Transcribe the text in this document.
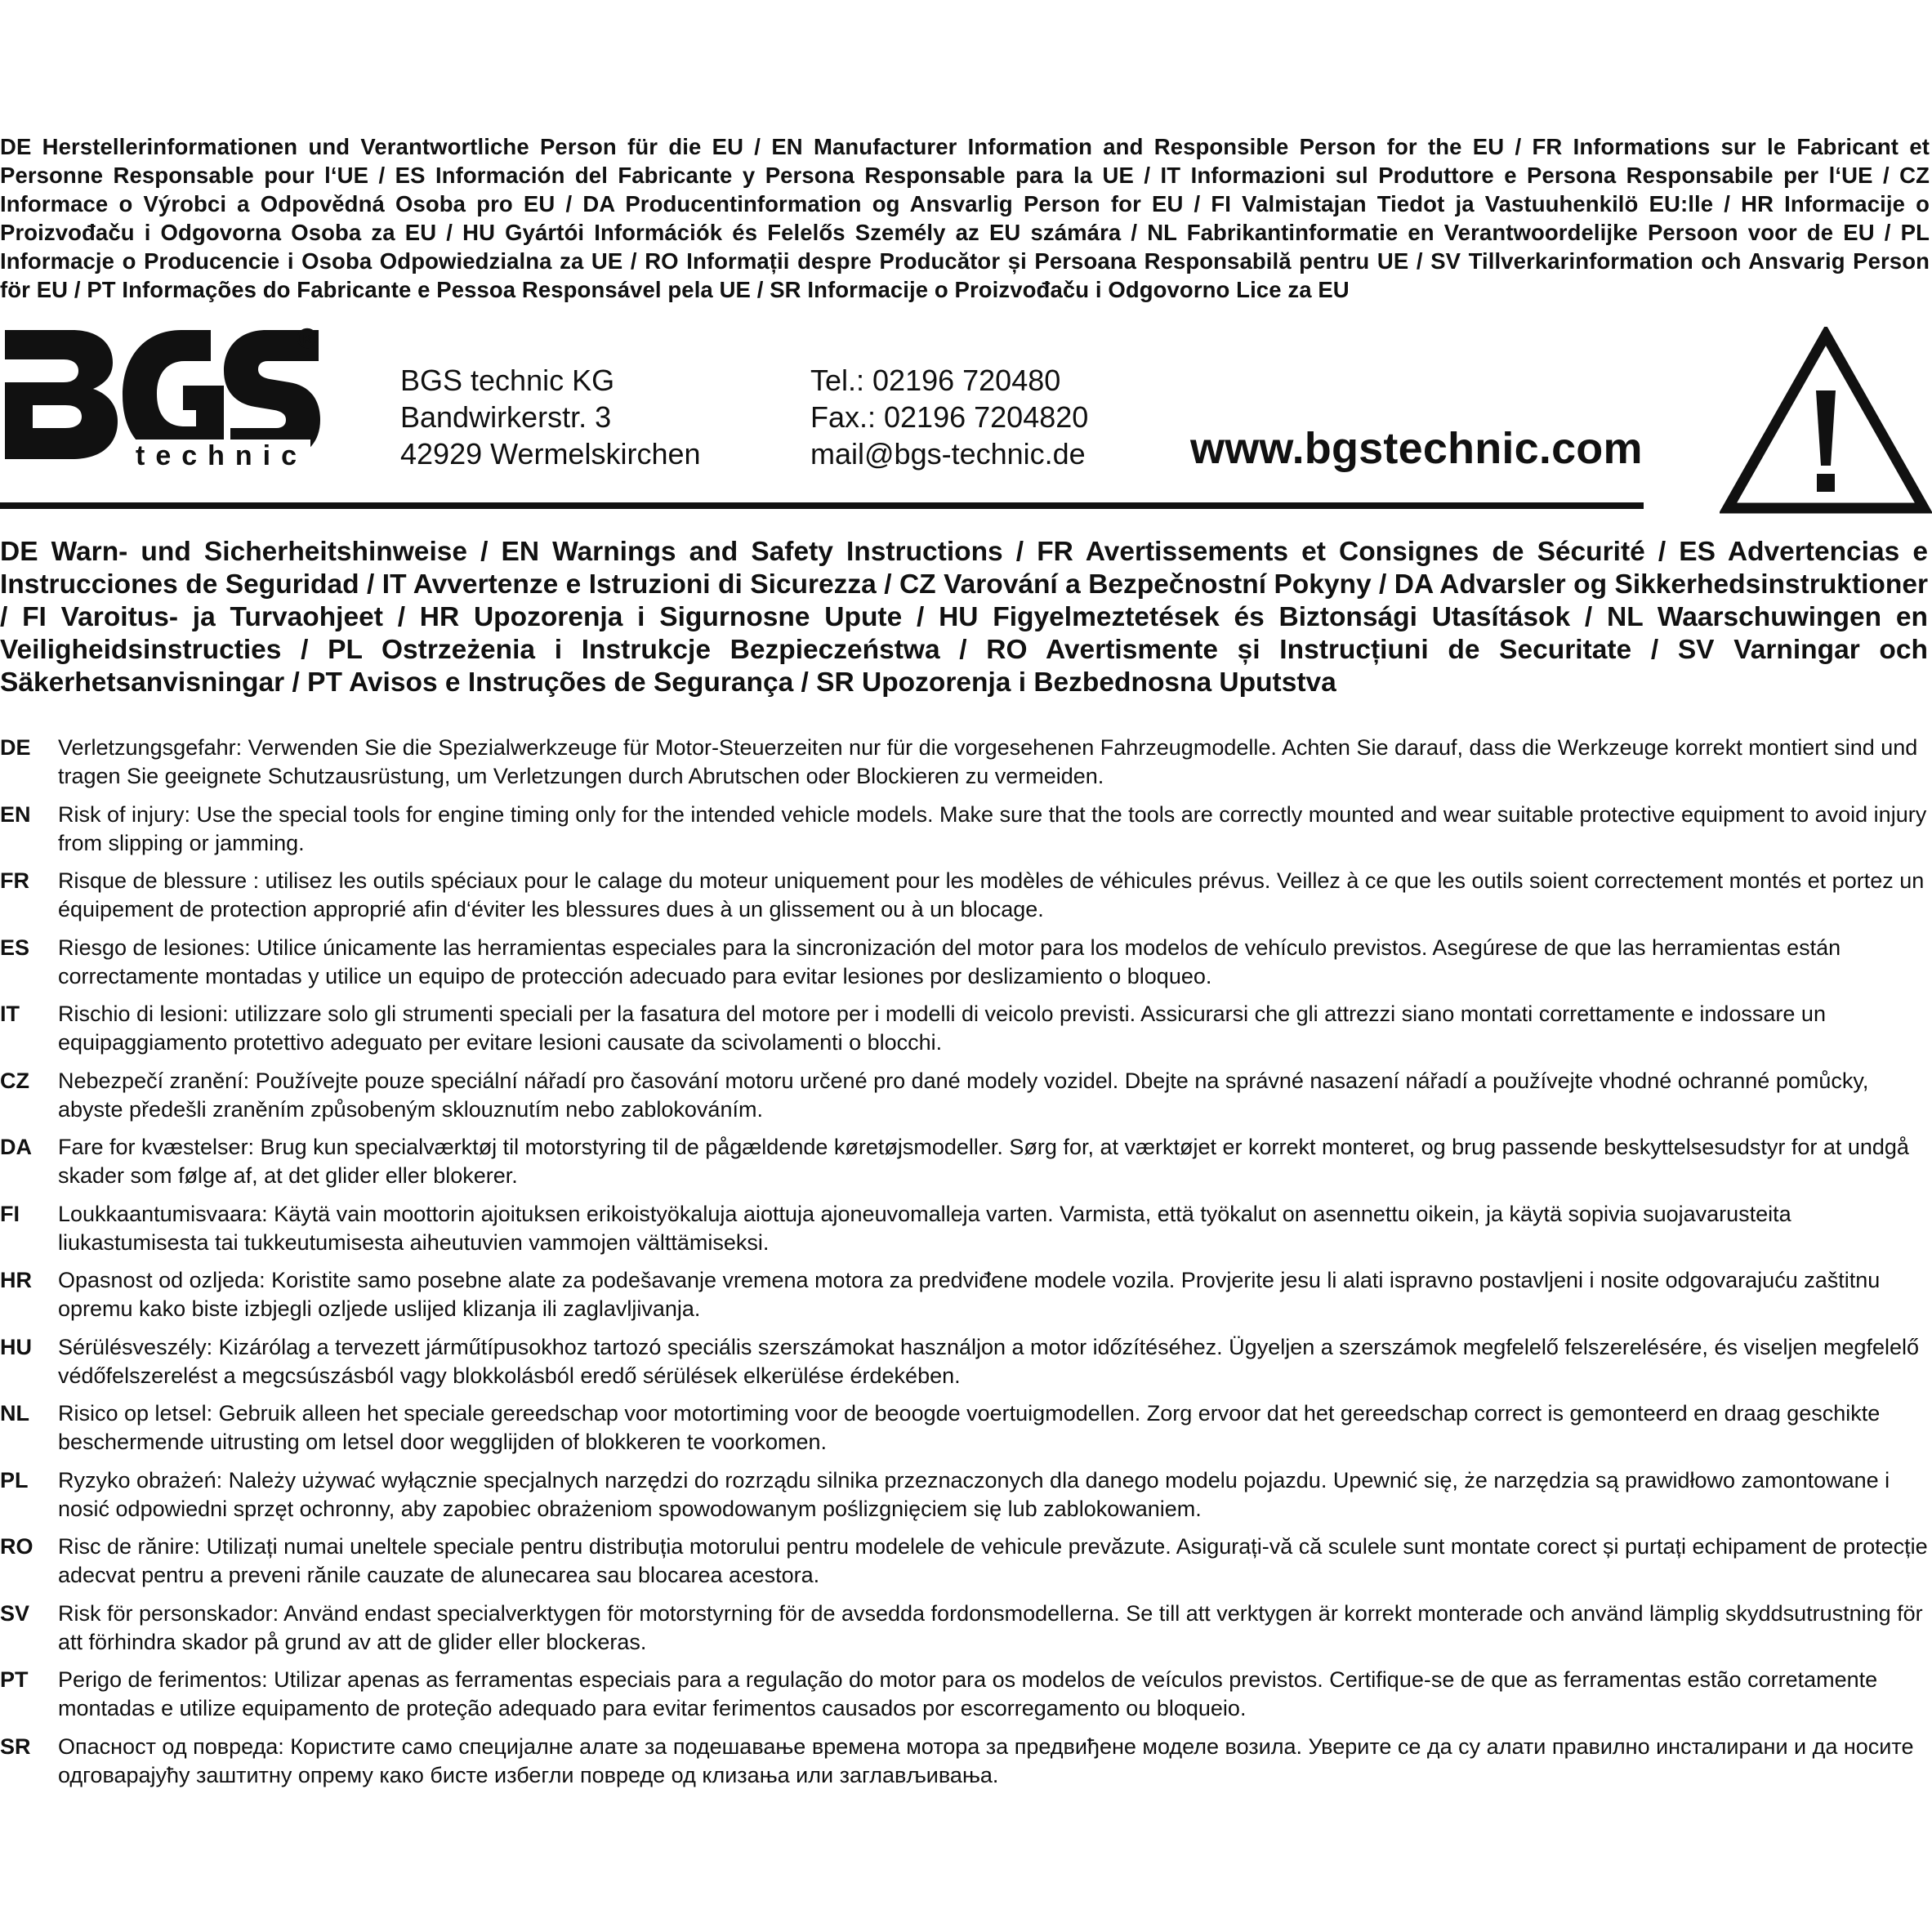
DE Herstellerinformationen und Verantwortliche Person für die EU / EN Manufacturer Information and Responsible Person for the EU / FR Informations sur le Fabricant et Personne Responsable pour l‘UE / ES Información del Fabricante y Persona Responsable para la UE / IT Informazioni sul Produttore e Persona Responsabile per l‘UE / CZ Informace o Výrobci a Odpovědná Osoba pro EU / DA Producentinformation og Ansvarlig Person for EU / FI Valmistajan Tiedot ja Vastuuhenkilö EU:lle / HR Informacije o Proizvođaču i Odgovorna Osoba za EU / HU Gyártói Információk és Felelős Személy az EU számára / NL Fabrikantinformatie en Verantwoordelijke Persoon voor de EU / PL Informacje o Producencie i Osoba Odpowiedzialna za UE / RO Informații despre Producător și Persoana Responsabilă pentru UE / SV Tillverkarinformation och Ansvarig Person för EU / PT Informações do Fabricante e Pessoa Responsável pela UE / SR Informacije o Proizvođaču i Odgovorno Lice za EU

R
technic
BGS technic KG
Bandwirkerstr. 3
42929 Wermelskirchen
Tel.: 02196 720480
Fax.: 02196 7204820
mail@bgs-technic.de www.bgstechnic.com

DE Warn- und Sicherheitshinweise / EN Warnings and Safety Instructions / FR Avertissements et Consignes de Sécurité / ES Advertencias e Instrucciones de Seguridad / IT Avvertenze e Istruzioni di Sicurezza / CZ Varování a Bezpečnostní Pokyny / DA Advarsler og Sikkerhedsinstruktioner / FI Varoitus- ja Turvaohjeet / HR Upozorenja i Sigurnosne Upute / HU Figyelmeztetések és Biztonsági Utasítások / NL Waarschuwingen en Veiligheidsinstructies / PL Ostrzeżenia i Instrukcje Bezpieczeństwa / RO Avertismente și Instrucțiuni de Securitate / SV Varningar och Säkerhetsanvisningar / PT Avisos e Instruções de Segurança / SR Upozorenja i Bezbednosna Uputstva

DE Verletzungsgefahr: Verwenden Sie die Spezialwerkzeuge für Motor-Steuerzeiten nur für die vorgesehenen Fahrzeugmodelle. Achten Sie darauf, dass die Werkzeuge korrekt montiert sind und tragen Sie geeignete Schutzausrüstung, um Verletzungen durch Abrutschen oder Blockieren zu vermeiden.

EN Risk of injury: Use the special tools for engine timing only for the intended vehicle models. Make sure that the tools are correctly mounted and wear suitable protective equipment to avoid injury from slipping or jamming.

FR Risque de blessure : utilisez les outils spéciaux pour le calage du moteur uniquement pour les modèles de véhicules prévus. Veillez à ce que les outils soient correctement montés et portez un équipement de protection approprié afin d‘éviter les blessures dues à un glissement ou à un blocage.

ES Riesgo de lesiones: Utilice únicamente las herramientas especiales para la sincronización del motor para los modelos de vehículo previstos. Asegúrese de que las herramientas están correctamente montadas y utilice un equipo de protección adecuado para evitar lesiones por deslizamiento o bloqueo.

IT Rischio di lesioni: utilizzare solo gli strumenti speciali per la fasatura del motore per i modelli di veicolo previsti. Assicurarsi che gli attrezzi siano montati correttamente e indossare un equipaggiamento protettivo adeguato per evitare lesioni causate da scivolamenti o blocchi.

CZ Nebezpečí zranění: Používejte pouze speciální nářadí pro časování motoru určené pro dané modely vozidel. Dbejte na správné nasazení nářadí a používejte vhodné ochranné pomůcky, abyste předešli zraněním způsobeným sklouznutím nebo zablokováním.

DA Fare for kvæstelser: Brug kun specialværktøj til motorstyring til de pågældende køretøjsmodeller. Sørg for, at værktøjet er korrekt monteret, og brug passende beskyttelsesudstyr for at undgå skader som følge af, at det glider eller blokerer.

FI Loukkaantumisvaara: Käytä vain moottorin ajoituksen erikoistyökaluja aiottuja ajoneuvomalleja varten. Varmista, että työkalut on asennettu oikein, ja käytä sopivia suojavarusteita liukastumisesta tai tukkeutumisesta aiheutuvien vammojen välttämiseksi.

HR Opasnost od ozljeda: Koristite samo posebne alate za podešavanje vremena motora za predviđene modele vozila. Provjerite jesu li alati ispravno postavljeni i nosite odgovarajuću zaštitnu opremu kako biste izbjegli ozljede uslijed klizanja ili zaglavljivanja.

HU Sérülésveszély: Kizárólag a tervezett járműtípusokhoz tartozó speciális szerszámokat használjon a motor időzítéséhez. Ügyeljen a szerszámok megfelelő felszerelésére, és viseljen megfelelő védőfelszerelést a megcsúszásból vagy blokkolásból eredő sérülések elkerülése érdekében.

NL Risico op letsel: Gebruik alleen het speciale gereedschap voor motortiming voor de beoogde voertuigmodellen. Zorg ervoor dat het gereedschap correct is gemonteerd en draag geschikte beschermende uitrusting om letsel door wegglijden of blokkeren te voorkomen.

PL Ryzyko obrażeń: Należy używać wyłącznie specjalnych narzędzi do rozrządu silnika przeznaczonych dla danego modelu pojazdu. Upewnić się, że narzędzia są prawidłowo zamontowane i nosić odpowiedni sprzęt ochronny, aby zapobiec obrażeniom spowodowanym poślizgnięciem się lub zablokowaniem.

RO Risc de rănire: Utilizați numai uneltele speciale pentru distribuția motorului pentru modelele de vehicule prevăzute. Asigurați-vă că sculele sunt montate corect și purtați echipament de protecție adecvat pentru a preveni rănile cauzate de alunecarea sau blocarea acestora.

SV Risk för personskador: Använd endast specialverktygen för motorstyrning för de avsedda fordonsmodellerna. Se till att verktygen är korrekt monterade och använd lämplig skyddsutrustning för att förhindra skador på grund av att de glider eller blockeras.

PT Perigo de ferimentos: Utilizar apenas as ferramentas especiais para a regulação do motor para os modelos de veículos previstos. Certifique-se de que as ferramentas estão corretamente montadas e utilize equipamento de proteção adequado para evitar ferimentos causados por escorregamento ou bloqueio.

SR Опасност од повреда: Користите само специјалне алате за подешавање времена мотора за предвиђене моделе возила. Уверите се да су алати правилно инсталирани и да носите одговарајућу заштитну опрему како бисте избегли повреде од клизања или заглављивања.
